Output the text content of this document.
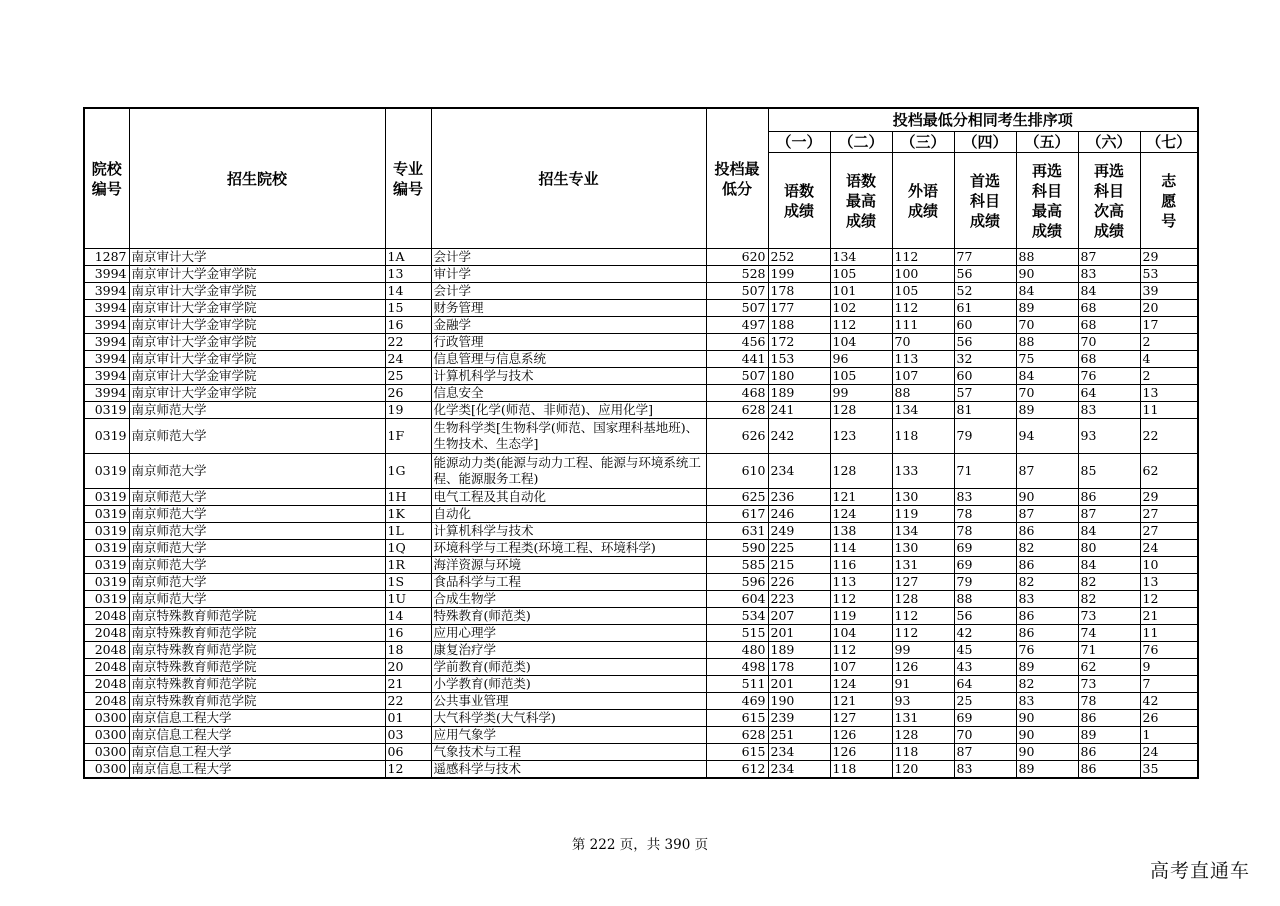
院校编号	招生院校	专业编号	招生专业	投档最低分	投档最低分相同考生排序项						
					（一）	（二）	（三）	（四）	（五）	（六）	（七）
					语数成绩	语数最高成绩	外语成绩	首选科目成绩	再选科目最高成绩	再选科目次高成绩	志愿号
1287	南京审计大学	1A	会计学	620	252	134	112	77	88	87	29
3994	南京审计大学金审学院	13	审计学	528	199	105	100	56	90	83	53
3994	南京审计大学金审学院	14	会计学	507	178	101	105	52	84	84	39
3994	南京审计大学金审学院	15	财务管理	507	177	102	112	61	89	68	20
3994	南京审计大学金审学院	16	金融学	497	188	112	111	60	70	68	17
3994	南京审计大学金审学院	22	行政管理	456	172	104	70	56	88	70	2
3994	南京审计大学金审学院	24	信息管理与信息系统	441	153	96	113	32	75	68	4
3994	南京审计大学金审学院	25	计算机科学与技术	507	180	105	107	60	84	76	2
3994	南京审计大学金审学院	26	信息安全	468	189	99	88	57	70	64	13
0319	南京师范大学	19	化学类[化学(师范、非师范)、应用化学]	628	241	128	134	81	89	83	11
0319	南京师范大学	1F	生物科学类[生物科学(师范、国家理科基地班)、生物技术、生态学]	626	242	123	118	79	94	93	22
0319	南京师范大学	1G	能源动力类(能源与动力工程、能源与环境系统工程、能源服务工程)	610	234	128	133	71	87	85	62
0319	南京师范大学	1H	电气工程及其自动化	625	236	121	130	83	90	86	29
0319	南京师范大学	1K	自动化	617	246	124	119	78	87	87	27
0319	南京师范大学	1L	计算机科学与技术	631	249	138	134	78	86	84	27
0319	南京师范大学	1Q	环境科学与工程类(环境工程、环境科学)	590	225	114	130	69	82	80	24
0319	南京师范大学	1R	海洋资源与环境	585	215	116	131	69	86	84	10
0319	南京师范大学	1S	食品科学与工程	596	226	113	127	79	82	82	13
0319	南京师范大学	1U	合成生物学	604	223	112	128	88	83	82	12
2048	南京特殊教育师范学院	14	特殊教育(师范类)	534	207	119	112	56	86	73	21
2048	南京特殊教育师范学院	16	应用心理学	515	201	104	112	42	86	74	11
2048	南京特殊教育师范学院	18	康复治疗学	480	189	112	99	45	76	71	76
2048	南京特殊教育师范学院	20	学前教育(师范类)	498	178	107	126	43	89	62	9
2048	南京特殊教育师范学院	21	小学教育(师范类)	511	201	124	91	64	82	73	7
2048	南京特殊教育师范学院	22	公共事业管理	469	190	121	93	25	83	78	42
0300	南京信息工程大学	01	大气科学类(大气科学)	615	239	127	131	69	90	86	26
0300	南京信息工程大学	03	应用气象学	628	251	126	128	70	90	89	1
0300	南京信息工程大学	06	气象技术与工程	615	234	126	118	87	90	86	24
0300	南京信息工程大学	12	遥感科学与技术	612	234	118	120	83	89	86	35
第 222 页，共 390 页
高考直通车
